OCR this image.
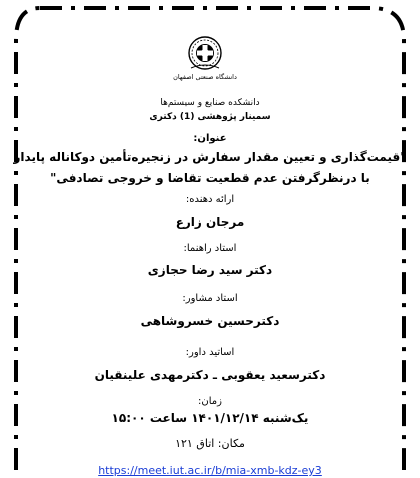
دانشگاه صنعتی اصفهان
دانشکده صنایع و سیستم‌ها
سمینار پژوهشی (1) دکتری
عنوان:
"قیمت‌گذاری و تعیین مقدار سفارش در زنجیره‌تأمین دوکاناله پایدار
با درنظرگرفتن عدم قطعیت تقاضا و خروجی تصادفی"
ارائه دهنده:
مرجان زارع
استاد راهنما:
دکتر سید رضا حجازی
استاد مشاور:
دکترحسین خسروشاهی
اساتید داور:
دکترسعید یعقوبی ـ دکترمهدی علینقیان
زمان:
یک‌شنبه ۱۴۰۱/۱۲/۱۴ ساعت ۱۵:۰۰
مکان: اتاق ۱۲۱
https://meet.iut.ac.ir/b/mia-xmb-kdz-ey3
